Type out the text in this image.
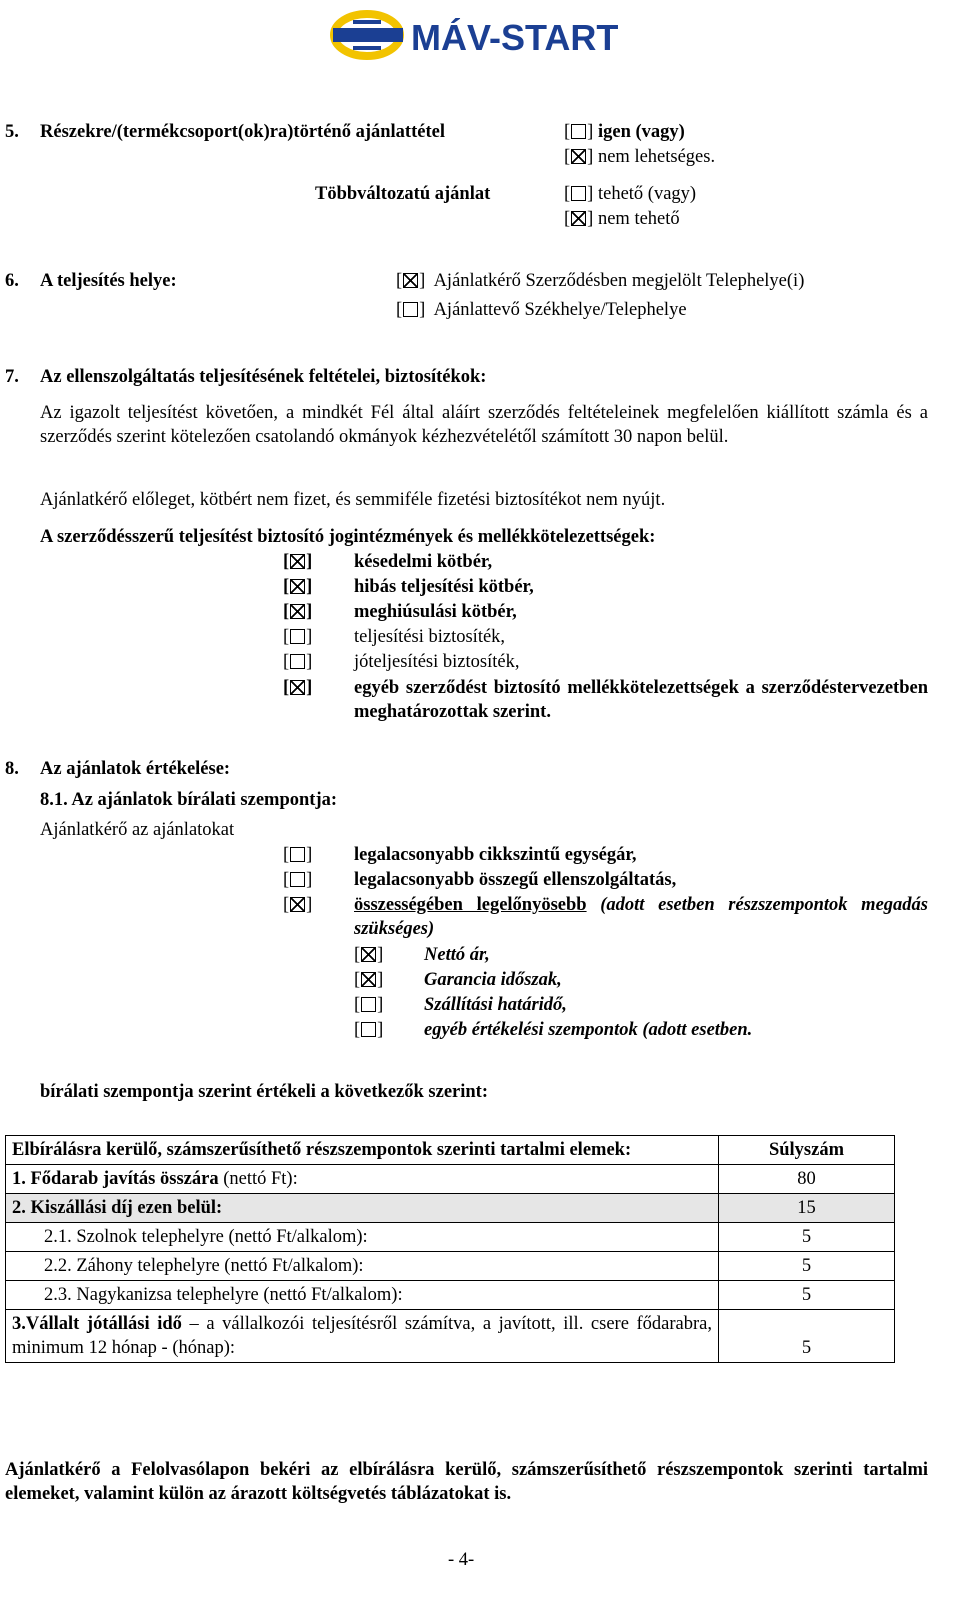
MÁV-START
5. Részekre/(termékcsoport(ok)ra)történő ajánlattétel	[ ] igen (vagy)
[ ] nem lehetséges.
Többváltozatú ajánlat	[ ] tehető (vagy)
[ ] nem tehető
6. A teljesítés helye:	[ ]  Ajánlatkérő Szerződésben megjelölt Telephelye(i)
[ ]  Ajánlattevő Székhelye/Telephelye
7. Az ellenszolgáltatás teljesítésének feltételei, biztosítékok:
Az igazolt teljesítést követően, a mindkét Fél által aláírt szerződés feltételeinek megfelelően kiállított számla és a szerződés szerint kötelezően csatolandó okmányok kézhezvételétől számított 30 napon belül.
Ajánlatkérő előleget, kötbért nem fizet, és semmiféle fizetési biztosítékot nem nyújt.
A szerződésszerű teljesítést biztosító jogintézmények és mellékkötelezettségek:
[ ] késedelmi kötbér,
[ ] hibás teljesítési kötbér,
[ ] meghiúsulási kötbér,
[ ] teljesítési biztosíték,
[ ] jóteljesítési biztosíték,
[ ] egyéb szerződést biztosító mellékkötelezettségek a szerződéstervezetben meghatározottak szerint.
8. Az ajánlatok értékelése:
8.1. Az ajánlatok bírálati szempontja:
Ajánlatkérő az ajánlatokat
[ ] legalacsonyabb cikkszintű egységár,
[ ] legalacsonyabb összegű ellenszolgáltatás,
[ ] összességében legelőnyösebb (adott esetben részszempontok megadás szükséges)
[ ] Nettó ár,
[ ] Garancia időszak,
[ ] Szállítási határidő,
[ ] egyéb értékelési szempontok (adott esetben.
bírálati szempontja szerint értékeli a következők szerint:
Elbírálásra kerülő, számszerűsíthető részszempontok szerinti tartalmi elemek:	Súlyszám
1. Fődarab javítás összára (nettó Ft):	80
2. Kiszállási díj ezen belül:	15
2.1. Szolnok telephelyre (nettó Ft/alkalom):	5
2.2. Záhony telephelyre (nettó Ft/alkalom):	5
2.3. Nagykanizsa telephelyre (nettó Ft/alkalom):	5
3.Vállalt jótállási idő – a vállalkozói teljesítésről számítva, a javított, ill. csere fődarabra, minimum 12 hónap - (hónap):	5
Ajánlatkérő a Felolvasólapon bekéri az elbírálásra kerülő, számszerűsíthető részszempontok szerinti tartalmi elemeket, valamint külön az árazott költségvetés táblázatokat is.
- 4-
